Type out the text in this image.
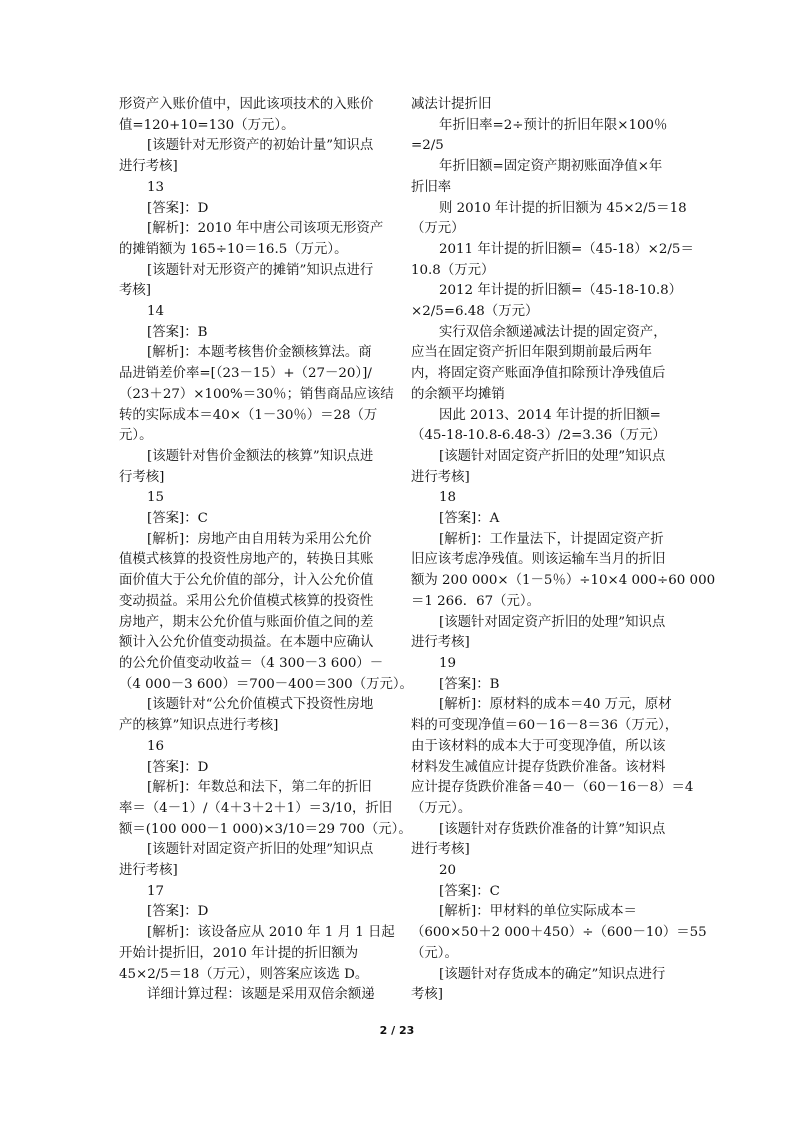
形资产入账价值中，因此该项技术的入账价
值=120+10=130（万元）。
[该题针对无形资产的初始计量”知识点
进行考核]
13
[答案]：D
[解析]：2010 年中唐公司该项无形资产
的摊销额为 165÷10＝16.5（万元）。
[该题针对无形资产的摊销”知识点进行
考核]
14
[答案]：B
[解析]：本题考核售价金额核算法。商
品进销差价率=[（23－15）+（27－20）]/
（23＋27）×100%＝30％；销售商品应该结
转的实际成本＝40×（1－30％）＝28（万
元）。
[该题针对售价金额法的核算”知识点进
行考核]
15
[答案]：C
[解析]：房地产由自用转为采用公允价
值模式核算的投资性房地产的，转换日其账
面价值大于公允价值的部分，计入公允价值
变动损益。采用公允价值模式核算的投资性
房地产，期末公允价值与账面价值之间的差
额计入公允价值变动损益。在本题中应确认
的公允价值变动收益＝（4 300－3 600）－
（4 000－3 600）＝700－400＝300（万元）。
[该题针对“公允价值模式下投资性房地
产的核算”知识点进行考核]
16
[答案]：D
[解析]：年数总和法下，第二年的折旧
率＝（4－1）/（4＋3＋2＋1）＝3/10，折旧
额＝(100 000－1 000)×3/10＝29 700（元）。
[该题针对固定资产折旧的处理”知识点
进行考核]
17
[答案]：D
[解析]：该设备应从 2010 年 1 月 1 日起
开始计提折旧，2010 年计提的折旧额为
45×2/5＝18（万元），则答案应该选 D。
详细计算过程：该题是采用双倍余额递
减法计提折旧
年折旧率=2÷预计的折旧年限×100％
=2/5
年折旧额=固定资产期初账面净值×年
折旧率
则 2010 年计提的折旧额为 45×2/5＝18
（万元）
2011 年计提的折旧额=（45-18）×2/5＝
10.8（万元）
2012 年计提的折旧额=（45-18-10.8）
×2/5=6.48（万元）
实行双倍余额递减法计提的固定资产，
应当在固定资产折旧年限到期前最后两年
内，将固定资产账面净值扣除预计净残值后
的余额平均摊销
因此 2013、2014 年计提的折旧额=
（45-18-10.8-6.48-3）/2=3.36（万元）
[该题针对固定资产折旧的处理”知识点
进行考核]
18
[答案]：A
[解析]：工作量法下，计提固定资产折
旧应该考虑净残值。则该运输车当月的折旧
额为 200 000×（1－5％）÷10×4 000÷60 000
＝1 266．67（元）。
[该题针对固定资产折旧的处理”知识点
进行考核]
19
[答案]：B
[解析]：原材料的成本＝40 万元，原材
料的可变现净值＝60－16－8＝36（万元），
由于该材料的成本大于可变现净值，所以该
材料发生减值应计提存货跌价准备。该材料
应计提存货跌价准备＝40－（60－16－8）＝4
（万元）。
[该题针对存货跌价准备的计算”知识点
进行考核]
20
[答案]：C
[解析]：甲材料的单位实际成本＝
（600×50＋2 000＋450）÷（600－10）＝55
（元）。
[该题针对存货成本的确定”知识点进行
考核]
2 / 23
